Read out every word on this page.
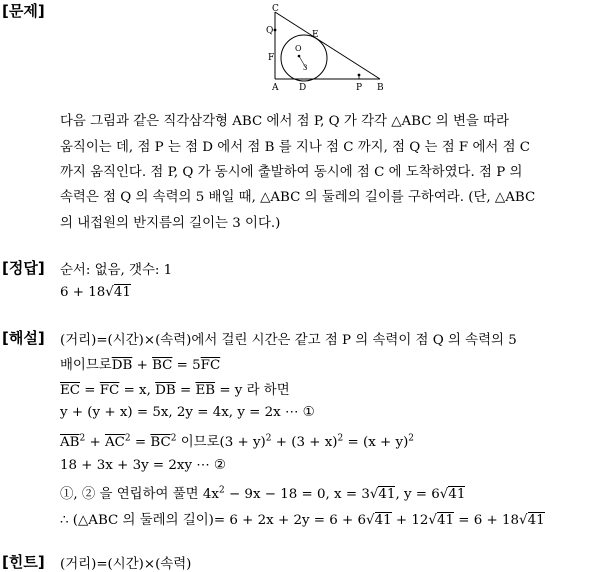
[문제]	C
Q	E
O
F
3
A D	P B
다음 그림과 같은 직각삼각형 ABC 에서 점 P, Q 가 각각 △ABC 의 변을 따라
움직이는 데, 점 P 는 점 D 에서 점 B 를 지나 점 C 까지, 점 Q 는 점 F 에서 점 C
까지 움직인다. 점 P, Q 가 동시에 출발하여 동시에 점 C 에 도착하였다. 점 P 의
속력은 점 Q 의 속력의 5 배일 때, △ABC 의 둘레의 길이를 구하여라. (단, △ABC
의 내접원의 반지름의 길이는 3 이다.)
[정답] 순서: 없음, 갯수: 1
6 + 18√41
[해설] (거리)=(시간)×(속력)에서 걸린 시간은 같고 점 P 의 속력이 점 Q 의 속력의 5
배이므로$\overline{DB} + \overline{BC} = 5\overline{FC}$
$\overline{EC} = \overline{FC} = x$, $\overline{DB} = \overline{EB} = y$ 라 하면
y + (y + x) = 5x, 2y = 4x, y = 2x ⋯ ①
$\overline{AB}^2 + \overline{AC}^2 = \overline{BC}^2$ 이므로$(3 + y)^2 + (3 + x)^2 = (x + y)^2$
18 + 3x + 3y = 2xy ⋯ ②
①, ② 을 연립하여 풀면 $4x^2 - 9x - 18 = 0$, x = 3√41, y = 6√41
∴ (△ABC 의 둘레의 길이)= 6 + 2x + 2y = 6 + 6√41 + 12√41 = 6 + 18√41
[힌트] (거리)=(시간)×(속력)
